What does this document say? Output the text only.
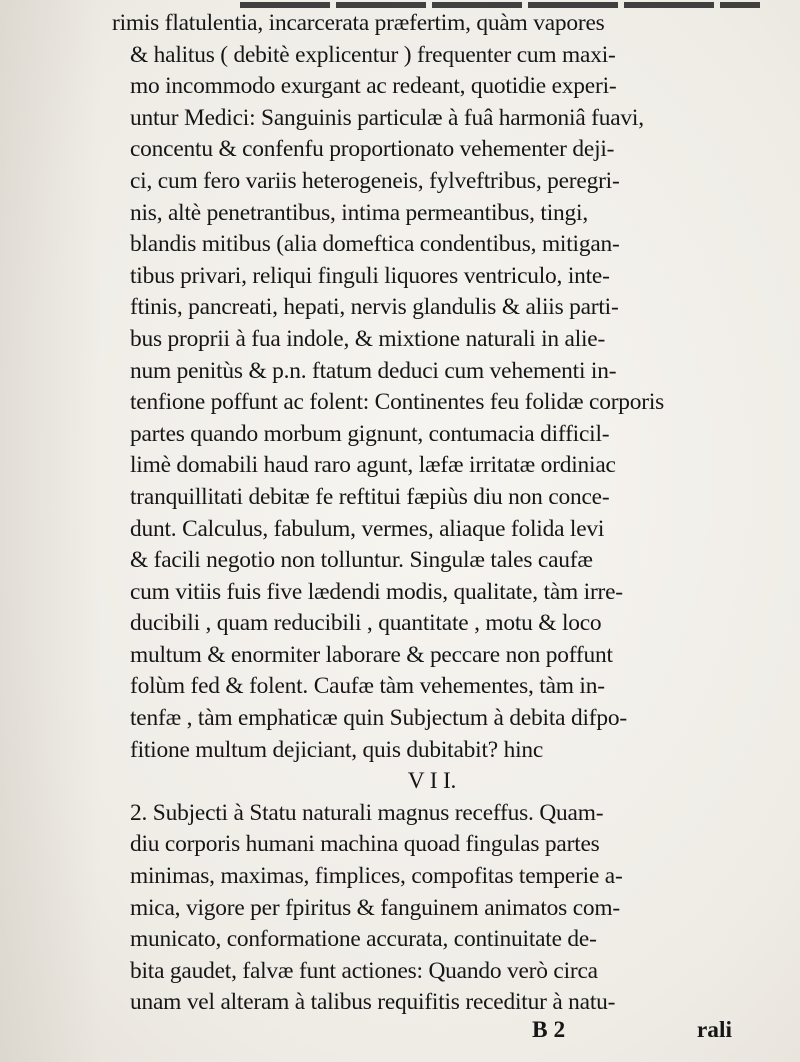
rimis flatulentia, incarcerata præfertim, quàm vapores
& halitus ( debitè explicentur ) frequenter cum maxi-
mo incommodo exurgant ac redeant, quotidie experi-
untur Medici: Sanguinis particulæ à fuâ harmoniâ fuavi,
concentu & confenfu proportionato vehementer deji-
ci, cum fero variis heterogeneis, fylveftribus, peregri-
nis, altè penetrantibus, intima permeantibus, tingi,
blandis mitibus (alia domeftica condentibus, mitigan-
tibus privari, reliqui finguli liquores ventriculo, inte-
ftinis, pancreati, hepati, nervis glandulis & aliis parti-
bus proprii à fua indole, & mixtione naturali in alie-
num penitùs & p.n. ftatum deduci cum vehementi in-
tenfione poffunt ac folent: Continentes feu folidæ corporis
partes quando morbum gignunt, contumacia difficil-
limè domabili haud raro agunt, læfæ irritatæ ordiniac
tranquillitati debitæ fe reftitui fæpiùs diu non conce-
dunt. Calculus, fabulum, vermes, aliaque folida levi
& facili negotio non tolluntur. Singulæ tales caufæ
cum vitiis fuis five lædendi modis, qualitate, tàm irre-
ducibili , quam reducibili , quantitate , motu & loco
multum & enormiter laborare & peccare non poffunt
folùm fed & folent. Caufæ tàm vehementes, tàm in-
tenfæ , tàm emphaticæ quin Subjectum à debita difpo-
fitione multum dejiciant, quis dubitabit? hinc
V I I.
2. Subjecti à Statu naturali magnus receffus. Quam-
diu corporis humani machina quoad fingulas partes
minimas, maximas, fimplices, compofitas temperie a-
mica, vigore per fpiritus & fanguinem animatos com-
municato, conformatione accurata, continuitate de-
bita gaudet, falvæ funt actiones: Quando verò circa
unam vel alteram à talibus requifitis receditur à natu-
B 2	rali
